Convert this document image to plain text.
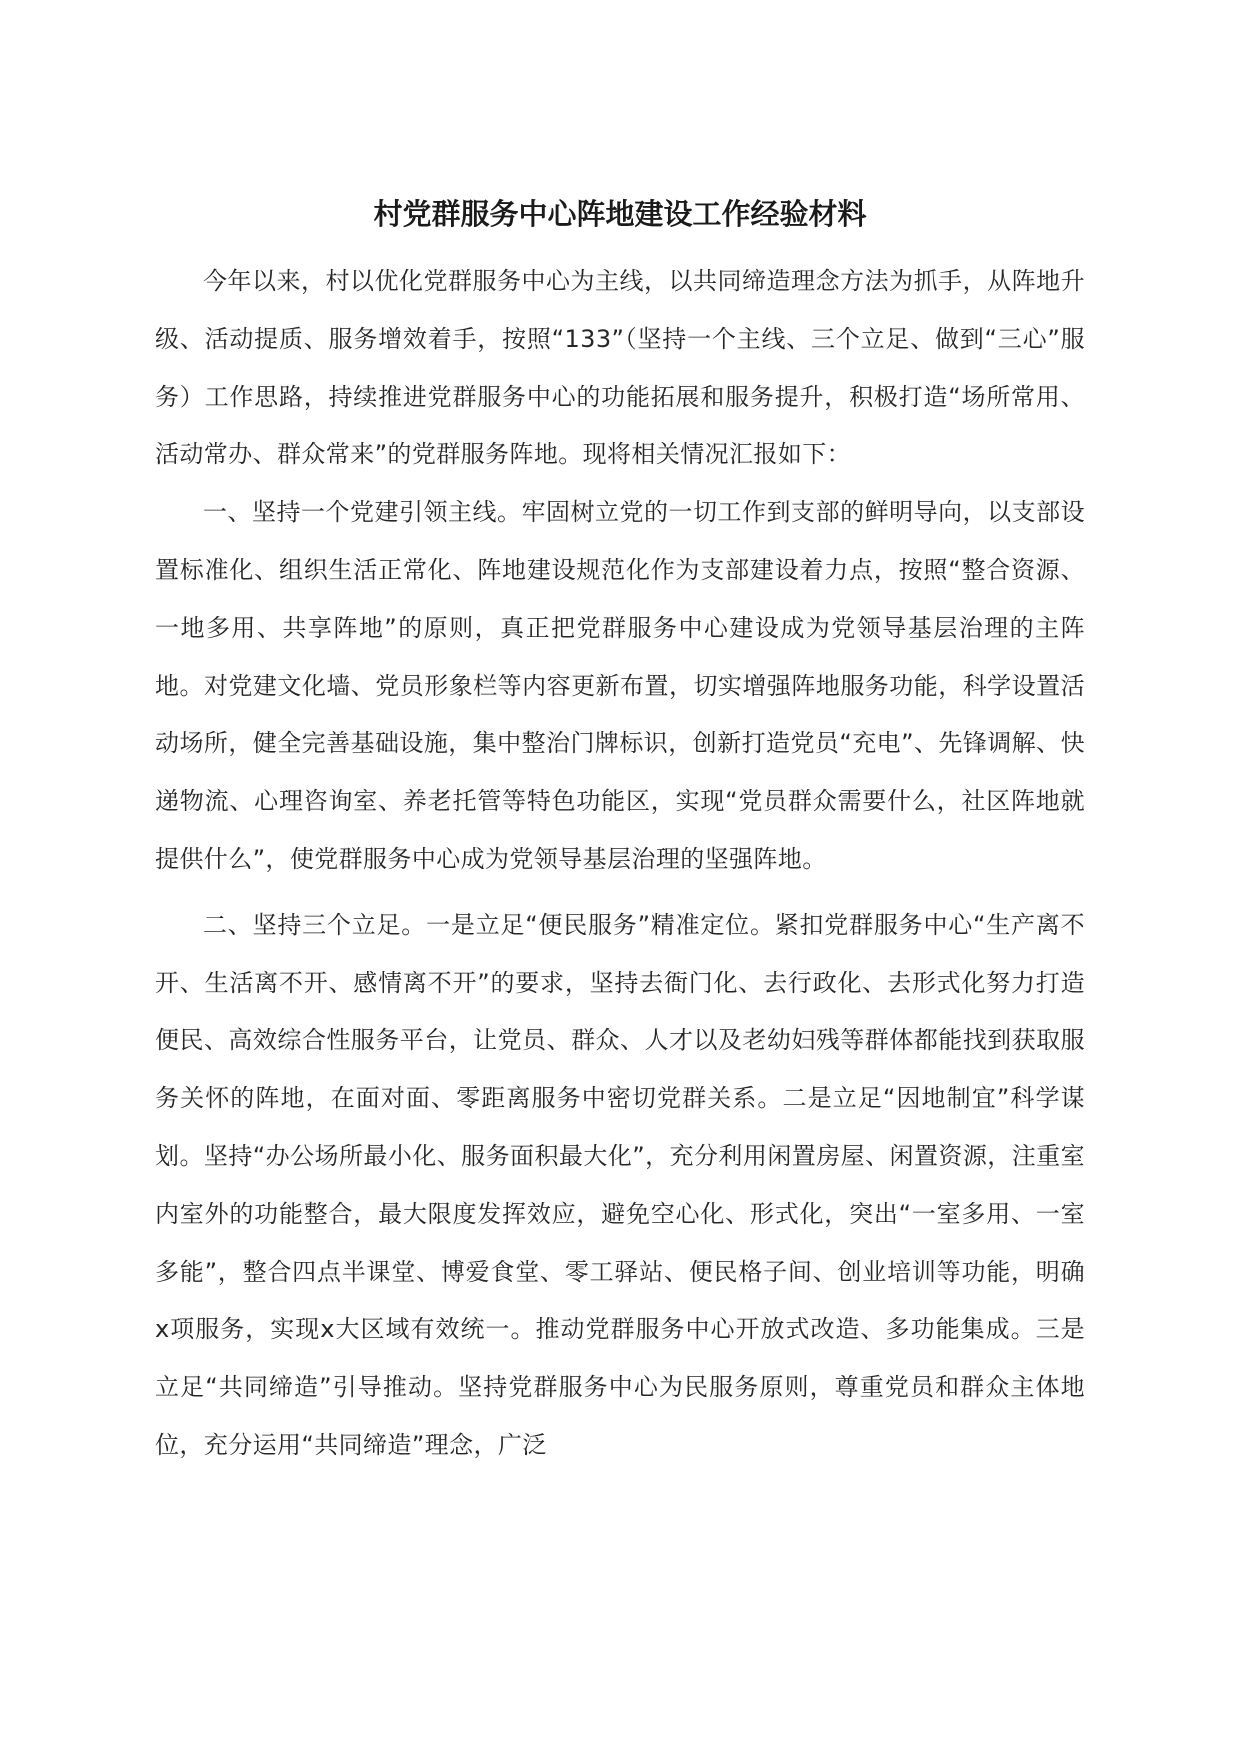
村党群服务中心阵地建设工作经验材料

今年以来，村以优化党群服务中心为主线，以共同缔造理念方法为抓手，从阵地升级、活动提质、服务增效着手，按照“133”（坚持一个主线、三个立足、做到“三心”服务）工作思路，持续推进党群服务中心的功能拓展和服务提升，积极打造“场所常用、活动常办、群众常来”的党群服务阵地。现将相关情况汇报如下：

一、坚持一个党建引领主线。牢固树立党的一切工作到支部的鲜明导向，以支部设置标准化、组织生活正常化、阵地建设规范化作为支部建设着力点，按照“整合资源、一地多用、共享阵地”的原则，真正把党群服务中心建设成为党领导基层治理的主阵地。对党建文化墙、党员形象栏等内容更新布置，切实增强阵地服务功能，科学设置活动场所，健全完善基础设施，集中整治门牌标识，创新打造党员“充电”、先锋调解、快递物流、心理咨询室、养老托管等特色功能区，实现“党员群众需要什么，社区阵地就提供什么”，使党群服务中心成为党领导基层治理的坚强阵地。

二、坚持三个立足。一是立足“便民服务”精准定位。紧扣党群服务中心“生产离不开、生活离不开、感情离不开”的要求，坚持去衙门化、去行政化、去形式化努力打造便民、高效综合性服务平台，让党员、群众、人才以及老幼妇残等群体都能找到获取服务关怀的阵地，在面对面、零距离服务中密切党群关系。二是立足“因地制宜”科学谋划。坚持“办公场所最小化、服务面积最大化”，充分利用闲置房屋、闲置资源，注重室内室外的功能整合，最大限度发挥效应，避免空心化、形式化，突出“一室多用、一室多能”，整合四点半课堂、博爱食堂、零工驿站、便民格子间、创业培训等功能，明确x项服务，实现x大区域有效统一。推动党群服务中心开放式改造、多功能集成。三是立足“共同缔造”引导推动。坚持党群服务中心为民服务原则，尊重党员和群众主体地位，充分运用“共同缔造”理念，广泛
